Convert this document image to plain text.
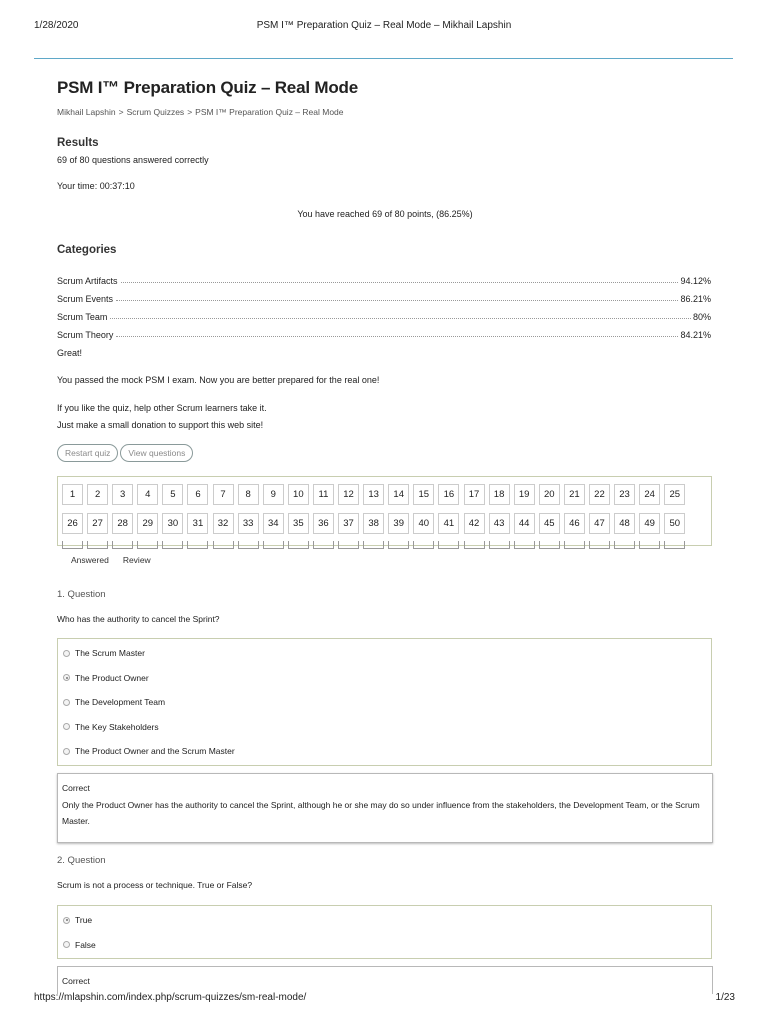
1/28/2020	PSM I™ Preparation Quiz – Real Mode – Mikhail Lapshin
PSM I™ Preparation Quiz – Real Mode
Mikhail Lapshin > Scrum Quizzes > PSM I™ Preparation Quiz – Real Mode
Results
69 of 80 questions answered correctly
Your time: 00:37:10
You have reached 69 of 80 points, (86.25%)
Categories
Scrum Artifacts	94.12%
Scrum Events	86.21%
Scrum Team	80%
Scrum Theory	84.21%
Great!
You passed the mock PSM I exam. Now you are better prepared for the real one!
If you like the quiz, help other Scrum learners take it.
Just make a small donation to support this web site!
Restart quiz	View questions
1	2	3	4	5	6	7	8	9	10	11	12	13	14	15	16	17	18	19	20	21	22	23	24	25
26	27	28	29	30	31	32	33	34	35	36	37	38	39	40	41	42	43	44	45	46	47	48	49	50
Answered Review
1. Question
Who has the authority to cancel the Sprint?
The Scrum Master
The Product Owner
The Development Team
The Key Stakeholders
The Product Owner and the Scrum Master
Correct
Only the Product Owner has the authority to cancel the Sprint, although he or she may do so under influence from the stakeholders, the Development Team, or the Scrum Master.
2. Question
Scrum is not a process or technique. True or False?
True
False
Correct
https://mlapshin.com/index.php/scrum-quizzes/sm-real-mode/	1/23
